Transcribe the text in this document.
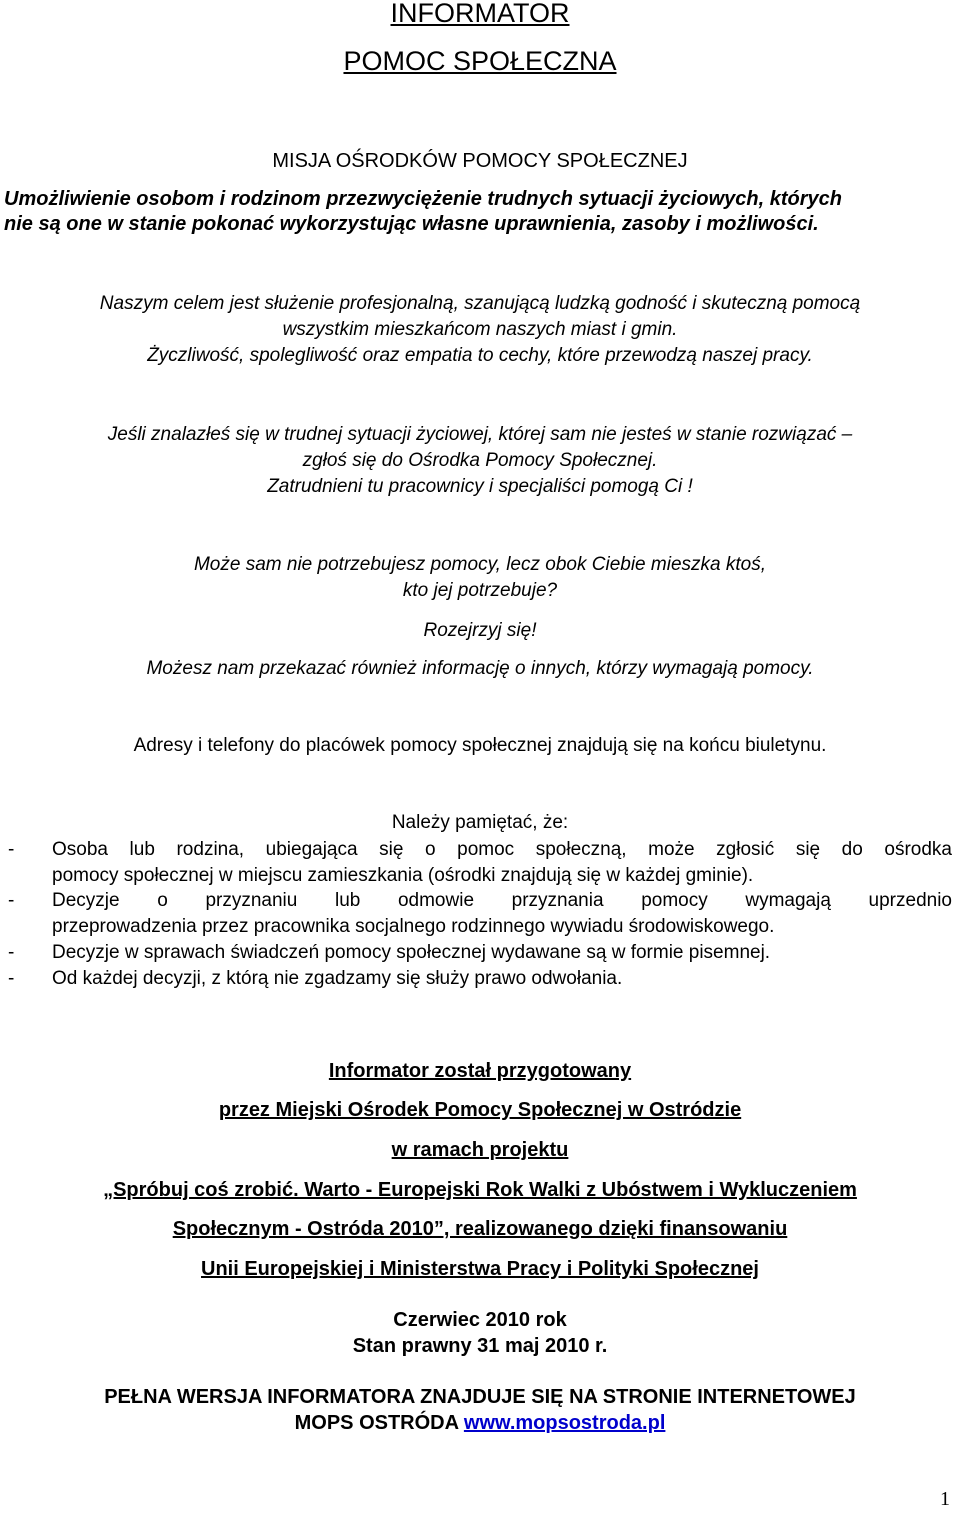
INFORMATOR
POMOC SPOŁECZNA
MISJA OŚRODKÓW POMOCY SPOŁECZNEJ
Umożliwienie osobom i rodzinom przezwyciężenie trudnych sytuacji życiowych, których
nie są one w stanie pokonać wykorzystując własne uprawnienia, zasoby i możliwości.
Naszym celem jest służenie profesjonalną, szanującą ludzką godność i skuteczną pomocą
wszystkim mieszkańcom naszych miast i gmin.
Życzliwość, spolegliwość oraz empatia to cechy, które przewodzą naszej pracy.
Jeśli znalazłeś się w trudnej sytuacji życiowej, której sam nie jesteś w stanie rozwiązać –
zgłoś się do Ośrodka Pomocy Społecznej.
Zatrudnieni tu pracownicy i specjaliści pomogą Ci !
Może sam nie potrzebujesz pomocy, lecz obok Ciebie mieszka ktoś,
kto jej potrzebuje?
Rozejrzyj się!
Możesz nam przekazać również informację o innych, którzy wymagają pomocy.
Adresy i telefony do placówek pomocy społecznej znajdują się na końcu biuletynu.
Należy pamiętać, że:
- Osoba lub rodzina, ubiegająca się o pomoc społeczną, może zgłosić się do ośrodka
pomocy społecznej w miejscu zamieszkania (ośrodki znajdują się w każdej gminie).
- Decyzje o przyznaniu lub odmowie przyznania pomocy wymagają uprzednio
przeprowadzenia przez pracownika socjalnego rodzinnego wywiadu środowiskowego.
- Decyzje w sprawach świadczeń pomocy społecznej wydawane są w formie pisemnej.
- Od każdej decyzji, z którą nie zgadzamy się służy prawo odwołania.
Informator został przygotowany
przez Miejski Ośrodek Pomocy Społecznej w Ostródzie
w ramach projektu
„Spróbuj coś zrobić. Warto - Europejski Rok Walki z Ubóstwem i Wykluczeniem
Społecznym - Ostróda 2010”, realizowanego dzięki finansowaniu
Unii Europejskiej i Ministerstwa Pracy i Polityki Społecznej
Czerwiec 2010 rok
Stan prawny 31 maj 2010 r.
PEŁNA WERSJA INFORMATORA ZNAJDUJE SIĘ NA STRONIE INTERNETOWEJ
MOPS OSTRÓDA www.mopsostroda.pl
1
